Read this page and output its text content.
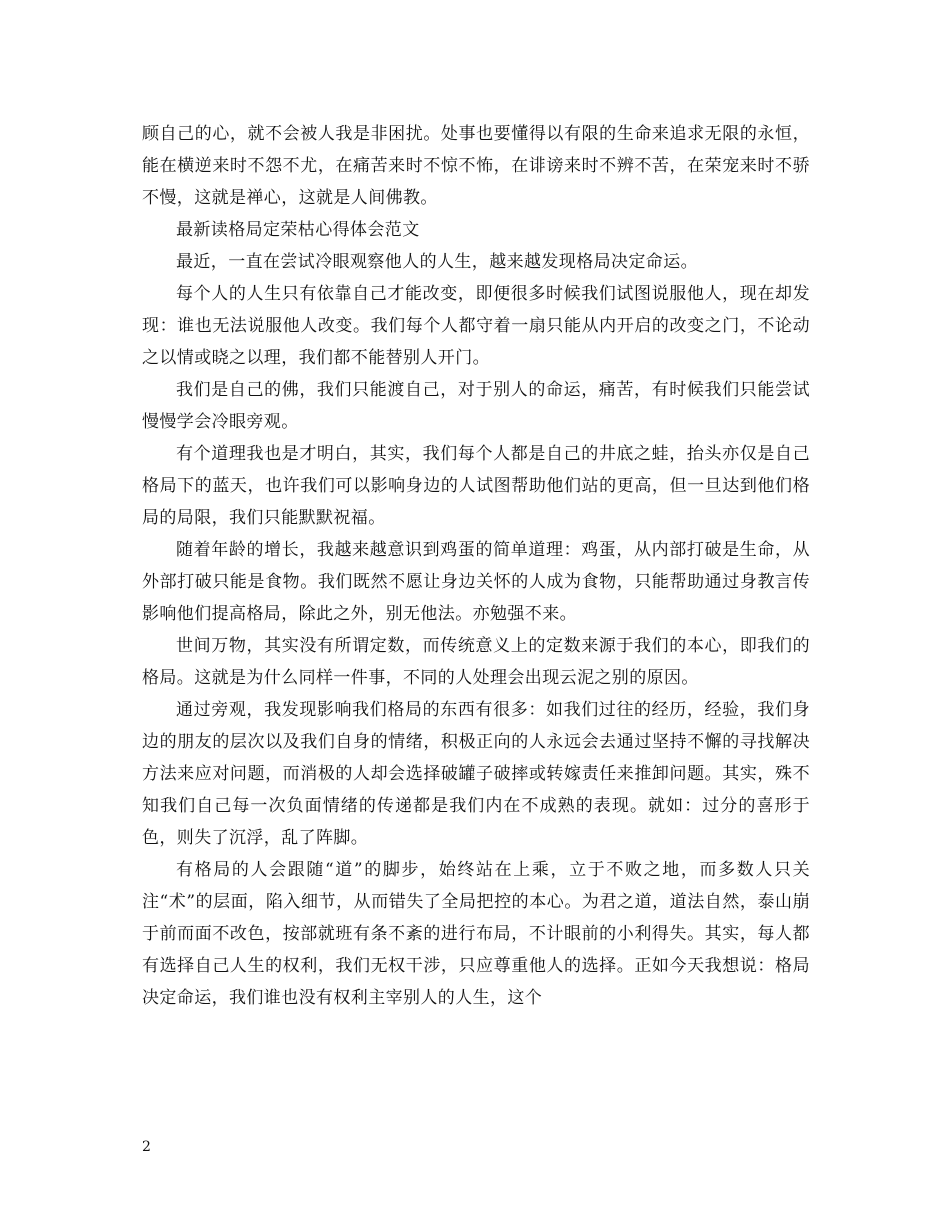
顾自己的心，就不会被人我是非困扰。处事也要懂得以有限的生命来追求无限的永恒，能在横逆来时不怨不尤，在痛苦来时不惊不怖，在诽谤来时不辨不苦，在荣宠来时不骄不慢，这就是禅心，这就是人间佛教。

最新读格局定荣枯心得体会范文

最近，一直在尝试冷眼观察他人的人生，越来越发现格局决定命运。

每个人的人生只有依靠自己才能改变，即便很多时候我们试图说服他人，现在却发现：谁也无法说服他人改变。我们每个人都守着一扇只能从内开启的改变之门，不论动之以情或晓之以理，我们都不能替别人开门。

我们是自己的佛，我们只能渡自己，对于别人的命运，痛苦，有时候我们只能尝试慢慢学会冷眼旁观。

有个道理我也是才明白，其实，我们每个人都是自己的井底之蛙，抬头亦仅是自己格局下的蓝天，也许我们可以影响身边的人试图帮助他们站的更高，但一旦达到他们格局的局限，我们只能默默祝福。

随着年龄的增长，我越来越意识到鸡蛋的简单道理：鸡蛋，从内部打破是生命，从外部打破只能是食物。我们既然不愿让身边关怀的人成为食物，只能帮助通过身教言传影响他们提高格局，除此之外，别无他法。亦勉强不来。

世间万物，其实没有所谓定数，而传统意义上的定数来源于我们的本心，即我们的格局。这就是为什么同样一件事，不同的人处理会出现云泥之别的原因。

通过旁观，我发现影响我们格局的东西有很多：如我们过往的经历，经验，我们身边的朋友的层次以及我们自身的情绪，积极正向的人永远会去通过坚持不懈的寻找解决方法来应对问题，而消极的人却会选择破罐子破摔或转嫁责任来推卸问题。其实，殊不知我们自己每一次负面情绪的传递都是我们内在不成熟的表现。就如：过分的喜形于色，则失了沉浮，乱了阵脚。

有格局的人会跟随“道”的脚步，始终站在上乘，立于不败之地，而多数人只关注“术”的层面，陷入细节，从而错失了全局把控的本心。为君之道，道法自然，泰山崩于前而面不改色，按部就班有条不紊的进行布局，不计眼前的小利得失。其实，每人都有选择自己人生的权利，我们无权干涉，只应尊重他人的选择。正如今天我想说：格局决定命运，我们谁也没有权利主宰别人的人生，这个

2
